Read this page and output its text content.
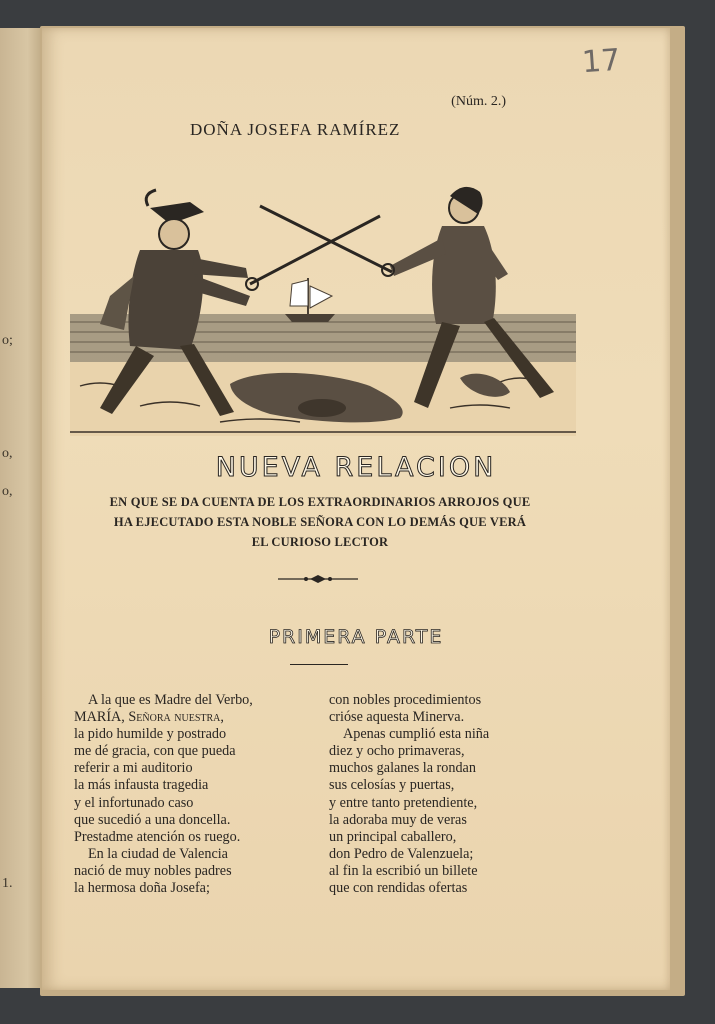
o;
o,
o,
1.
17
(Núm. 2.)
DOÑA JOSEFA RAMÍREZ
NUEVA RELACION
EN QUE SE DA CUENTA DE LOS EXTRAORDINARIOS ARROJOS QUE
HA EJECUTADO ESTA NOBLE SEÑORA CON LO DEMÁS QUE VERÁ
EL CURIOSO LECTOR
PRIMERA PARTE
A la que es Madre del Verbo,
MARÍA, Señora nuestra,
la pido humilde y postrado
me dé gracia, con que pueda
referir a mi auditorio
la más infausta tragedia
y el infortunado caso
que sucedió a una doncella.
Prestadme atención os ruego.
En la ciudad de Valencia
nació de muy nobles padres
la hermosa doña Josefa;
con nobles procedimientos
crióse aquesta Minerva.
Apenas cumplió esta niña
diez y ocho primaveras,
muchos galanes la rondan
sus celosías y puertas,
y entre tanto pretendiente,
la adoraba muy de veras
un principal caballero,
don Pedro de Valenzuela;
al fin la escribió un billete
que con rendidas ofertas
